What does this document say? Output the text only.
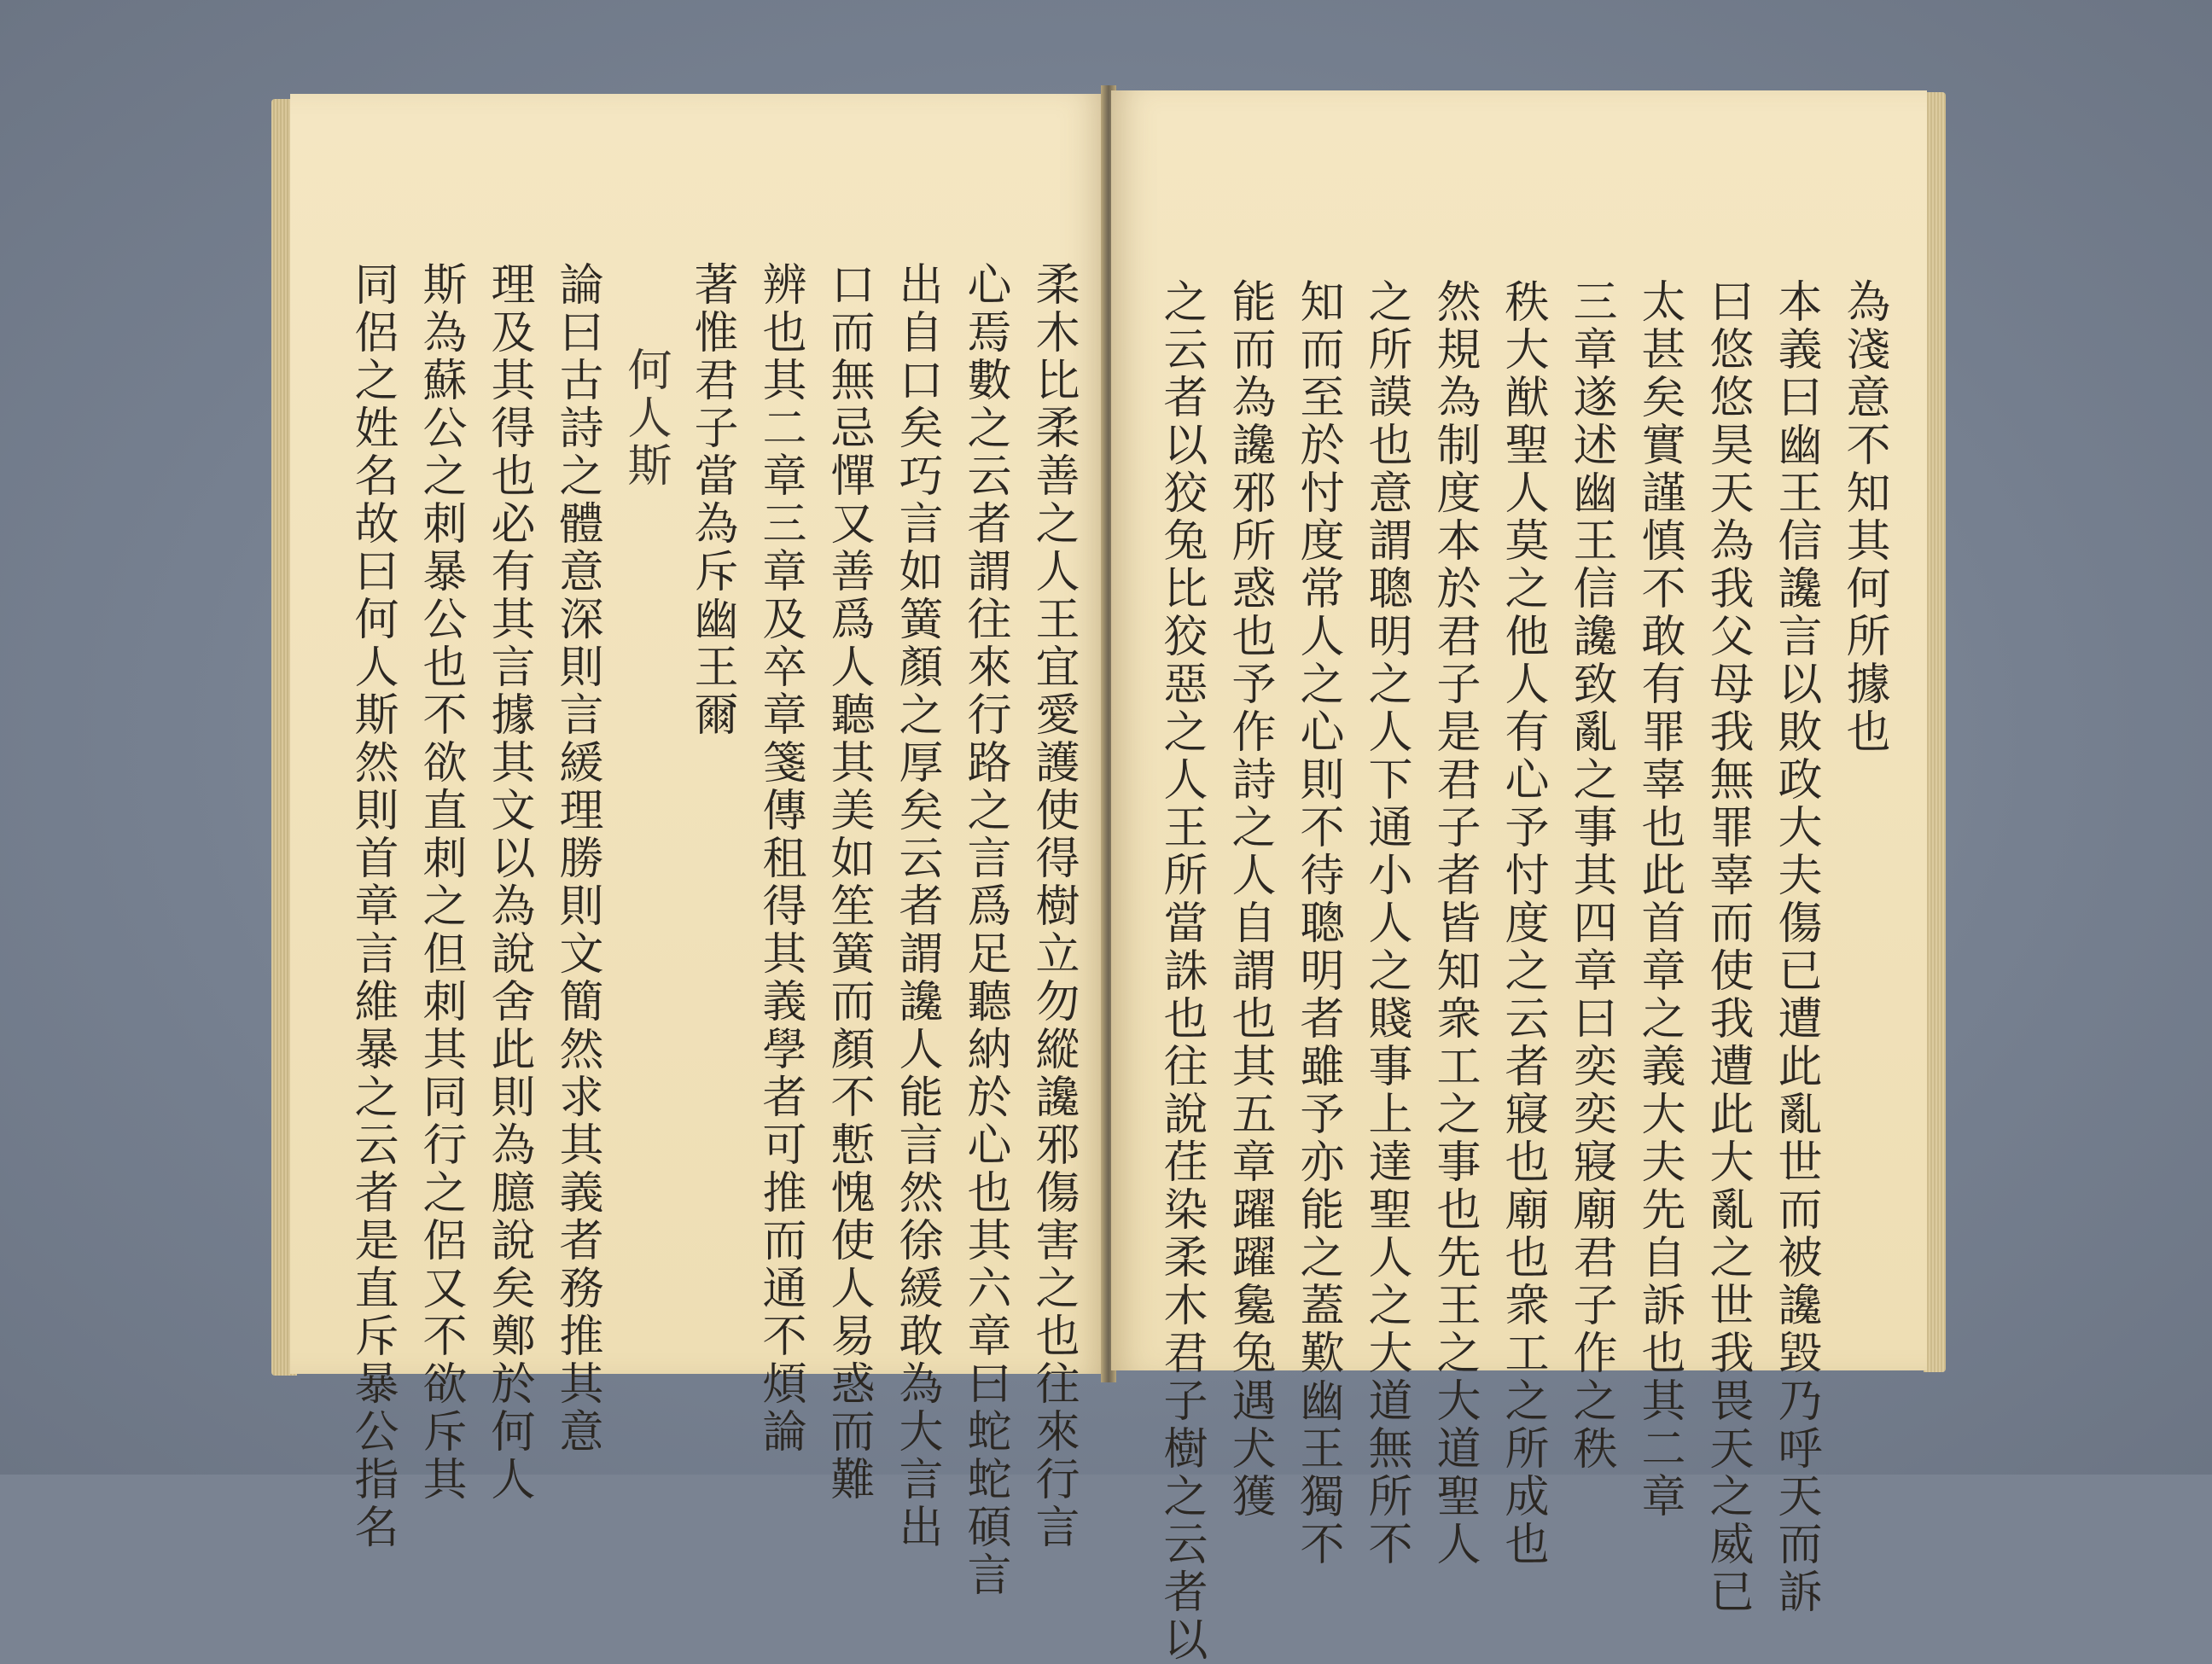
柔木比柔善之人王宜愛護使得樹立勿縱讒邪傷害之也往來行言
心焉數之云者謂往來行路之言爲足聽納於心也其六章曰蛇蛇碩言
出自口矣巧言如簧顏之厚矣云者謂讒人能言然徐緩敢為大言出
口而無忌憚又善爲人聽其美如笙簧而顏不慙愧使人易惑而難
辨也其二章三章及卒章箋傳租得其義學者可推而通不煩論
著惟君子當為斥幽王爾
何人斯
論曰古詩之體意深則言緩理勝則文簡然求其義者務推其意
理及其得也必有其言據其文以為說舍此則為臆說矣鄭於何人
斯為蘇公之刺暴公也不欲直刺之但刺其同行之侶又不欲斥其
同侶之姓名故曰何人斯然則首章言維暴之云者是直斥暴公指名	為淺意不知其何所據也
本義曰幽王信讒言以敗政大夫傷已遭此亂世而被讒毀乃呼天而訴
曰悠悠昊天為我父母我無罪辜而使我遭此大亂之世我畏天之威已
太甚矣實謹慎不敢有罪辜也此首章之義大夫先自訴也其二章
三章遂述幽王信讒致亂之事其四章曰奕奕寢廟君子作之秩
秩大猷聖人莫之他人有心予忖度之云者寢也廟也衆工之所成也
然規為制度本於君子是君子者皆知衆工之事也先王之大道聖人
之所謨也意謂聰明之人下通小人之賤事上達聖人之大道無所不
知而至於忖度常人之心則不待聰明者雖予亦能之蓋歎幽王獨不
能而為讒邪所惑也予作詩之人自謂也其五章躍躍毚兔遇犬獲
之云者以狡兔比狡惡之人王所當誅也往說荏染柔木君子樹之云者以
